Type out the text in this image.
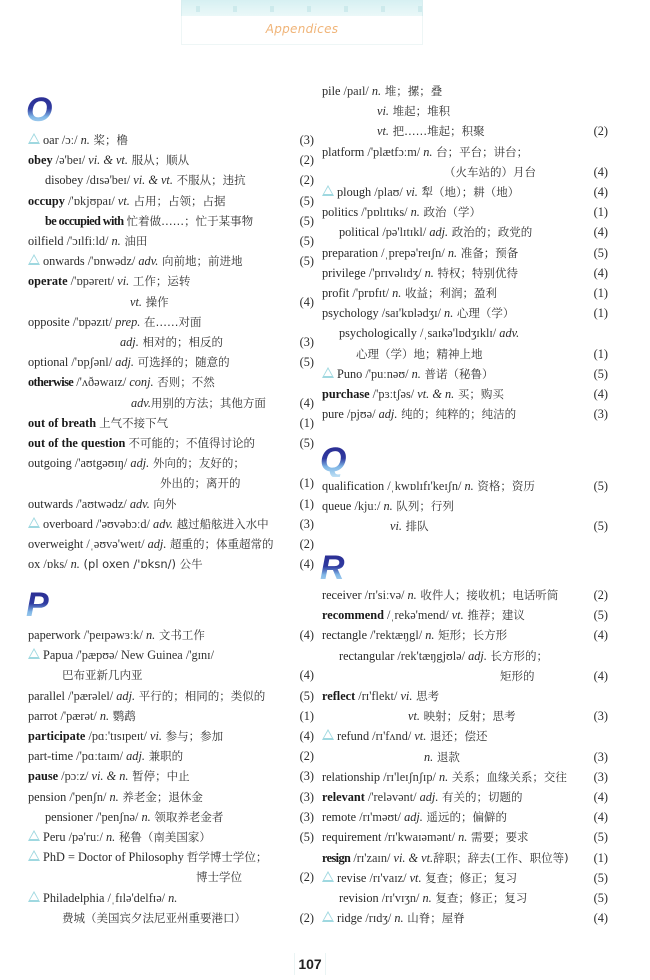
Appendices
O
oar /ɔː/ n. 桨；橹	(3)
obey /ə'beɪ/ vi. & vt. 服从；顺从	(2)
disobey /dɪsə'beɪ/ vi. & vt. 不服从；违抗	(2)
occupy /'ɒkjʊpaɪ/ vt. 占用；占领；占据	(5)
be occupied with 忙着做……；忙于某事物	(5)
oilfield /'ɔɪlfiːld/ n. 油田	(5)
onwards /'ɒnwədz/ adv. 向前地；前进地	(5)
operate /'ɒpəreɪt/ vi. 工作；运转
vt. 操作	(4)
opposite /'ɒpəzɪt/ prep. 在……对面
adj. 相对的；相反的	(3)
optional /'ɒpʃənl/ adj. 可选择的；随意的	(5)
otherwise /'ʌðəwaɪz/ conj. 否则；不然
adv.用别的方法；其他方面	(4)
out of breath 上气不接下气	(1)
out of the question 不可能的；不值得讨论的	(5)
outgoing /'aʊtgəʊɪŋ/ adj. 外向的；友好的；
外出的；离开的	(1)
outwards /'aʊtwədz/ adv. 向外	(1)
overboard /'əʊvəbɔːd/ adv. 越过船舷进入水中	(3)
overweight /ˌəʊvə'weɪt/ adj. 超重的；体重超常的 (2)
ox /ɒks/ n. (pl oxen /'ɒksn/) 公牛	(4)
P
paperwork /'peɪpəwɜːk/ n. 文书工作	(4)
Papua /'pæpʊə/ New Guinea /'gɪnɪ/
巴布亚新几内亚	(4)
parallel /'pærəlel/ adj. 平行的；相同的；类似的	(5)
parrot /'pærət/ n. 鹦鹉	(1)
participate /pɑː'tɪsɪpeɪt/ vi. 参与；参加	(4)
part-time /'pɑːtaɪm/ adj. 兼职的	(2)
pause /pɔːz/ vi. & n. 暂停；中止	(3)
pension /'penʃn/ n. 养老金；退休金	(3)
pensioner /'penʃnə/ n. 领取养老金者	(3)
Peru /pə'ruː/ n. 秘鲁（南美国家）	(5)
PhD = Doctor of Philosophy 哲学博士学位；
博士学位	(2)
Philadelphia /ˌfɪlə'delfɪə/ n.
费城（美国宾夕法尼亚州重要港口）	(2)
pile /paɪl/ n. 堆；摞；叠
vi. 堆起；堆积
vt. 把……堆起；积聚	(2)
platform /'plætfɔːm/ n. 台；平台；讲台；
（火车站的）月台	(4)
plough /plaʊ/ vi. 犁（地）；耕（地）	(4)
politics /'pɒlɪtɪks/ n. 政治（学）	(1)
political /pə'lɪtɪkl/ adj. 政治的；政党的	(4)
preparation /ˌprepə'reɪʃn/ n. 准备；预备	(5)
privilege /'prɪvəlɪdʒ/ n. 特权；特别优待	(4)
profit /'prɒfɪt/ n. 收益；利润；盈利	(1)
psychology /saɪ'kɒlədʒɪ/ n. 心理（学）	(1)
psychologically /ˌsaɪkə'lɒdʒɪklɪ/ adv.
心理（学）地；精神上地	(1)
Puno /'puːnəʊ/ n. 普诺（秘鲁）	(5)
purchase /'pɜːtʃəs/ vt. & n. 买；购买	(4)
pure /pjʊə/ adj. 纯的；纯粹的；纯洁的	(3)
Q
qualification /ˌkwɒlɪfɪ'keɪʃn/ n. 资格；资历	(5)
queue /kjuː/ n. 队列；行列
vi. 排队	(5)
R
receiver /rɪ'siːvə/ n. 收件人；接收机；电话听筒	(2)
recommend /ˌrekə'mend/ vt. 推荐；建议	(5)
rectangle /'rektæŋgl/ n. 矩形；长方形	(4)
rectangular /rek'tæŋgjʊlə/ adj. 长方形的；
矩形的	(4)
reflect /rɪ'flekt/ vi. 思考
vt. 映射；反射；思考	(3)
refund /rɪ'fʌnd/ vt. 退还；偿还
n. 退款	(3)
relationship /rɪ'leɪʃnʃɪp/ n. 关系；血缘关系；交往 (3)
relevant /'reləvənt/ adj. 有关的；切题的	(4)
remote /rɪ'məʊt/ adj. 遥远的；偏僻的	(4)
requirement /rɪ'kwaɪəmənt/ n. 需要；要求	(5)
resign /rɪ'zaɪn/ vi. & vt.辞职；辞去(工作、职位等) (1)
revise /rɪ'vaɪz/ vt. 复查；修正；复习	(5)
revision /rɪ'vɪʒn/ n. 复查；修正；复习	(5)
ridge /rɪdʒ/ n. 山脊；屋脊	(4)
107
